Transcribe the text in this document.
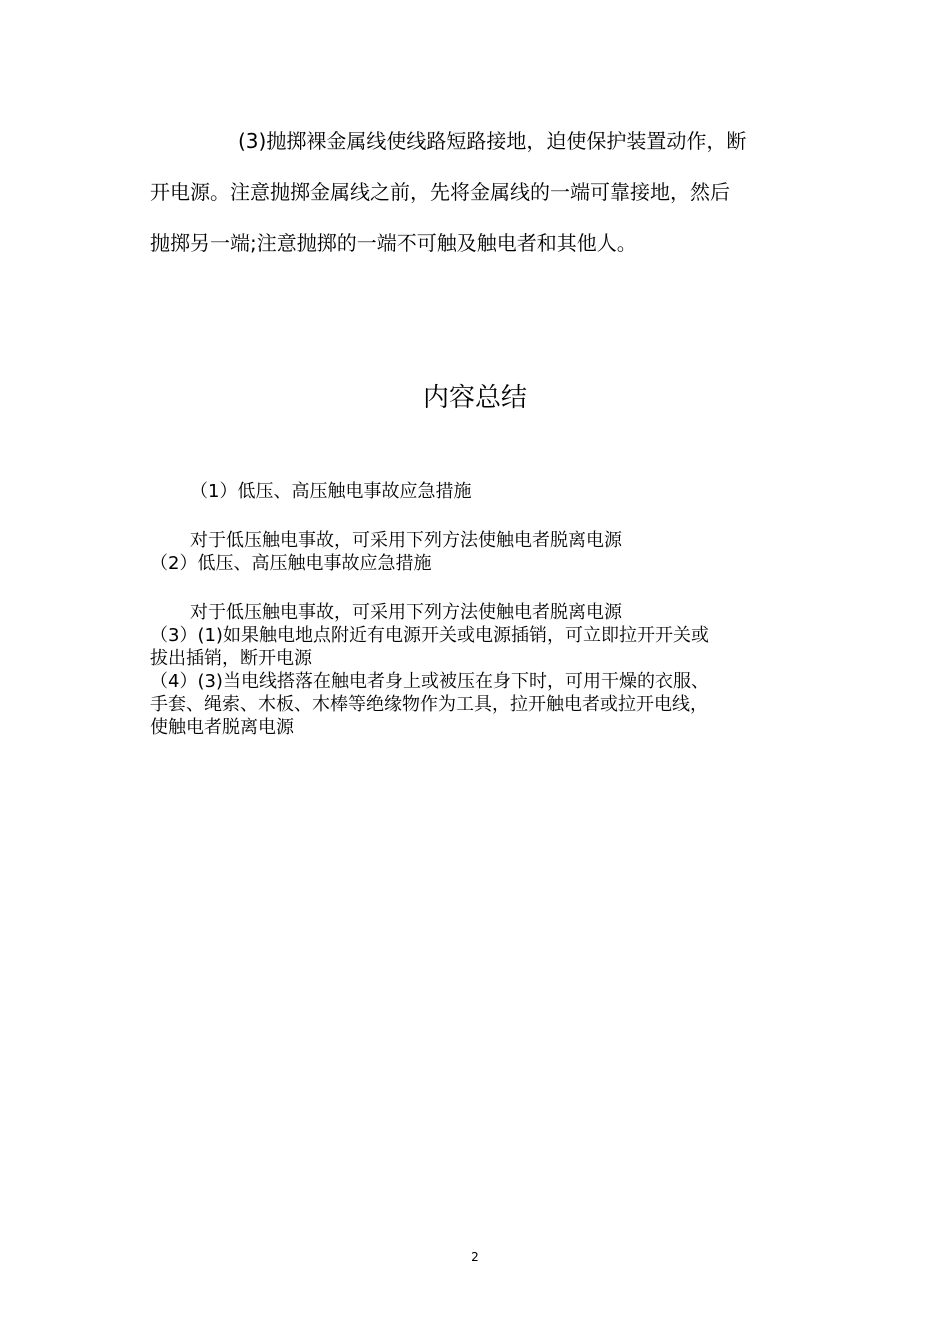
(3)抛掷裸金属线使线路短路接地，迫使保护装置动作，断
开电源。注意抛掷金属线之前，先将金属线的一端可靠接地，然后
抛掷另一端;注意抛掷的一端不可触及触电者和其他人。

内容总结
（1）低压、高压触电事故应急措施
对于低压触电事故，可采用下列方法使触电者脱离电源
（2）低压、高压触电事故应急措施
对于低压触电事故，可采用下列方法使触电者脱离电源
（3）(1)如果触电地点附近有电源开关或电源插销，可立即拉开开关或
拔出插销，断开电源
（4）(3)当电线搭落在触电者身上或被压在身下时，可用干燥的衣服、
手套、绳索、木板、木棒等绝缘物作为工具，拉开触电者或拉开电线，
使触电者脱离电源
2
